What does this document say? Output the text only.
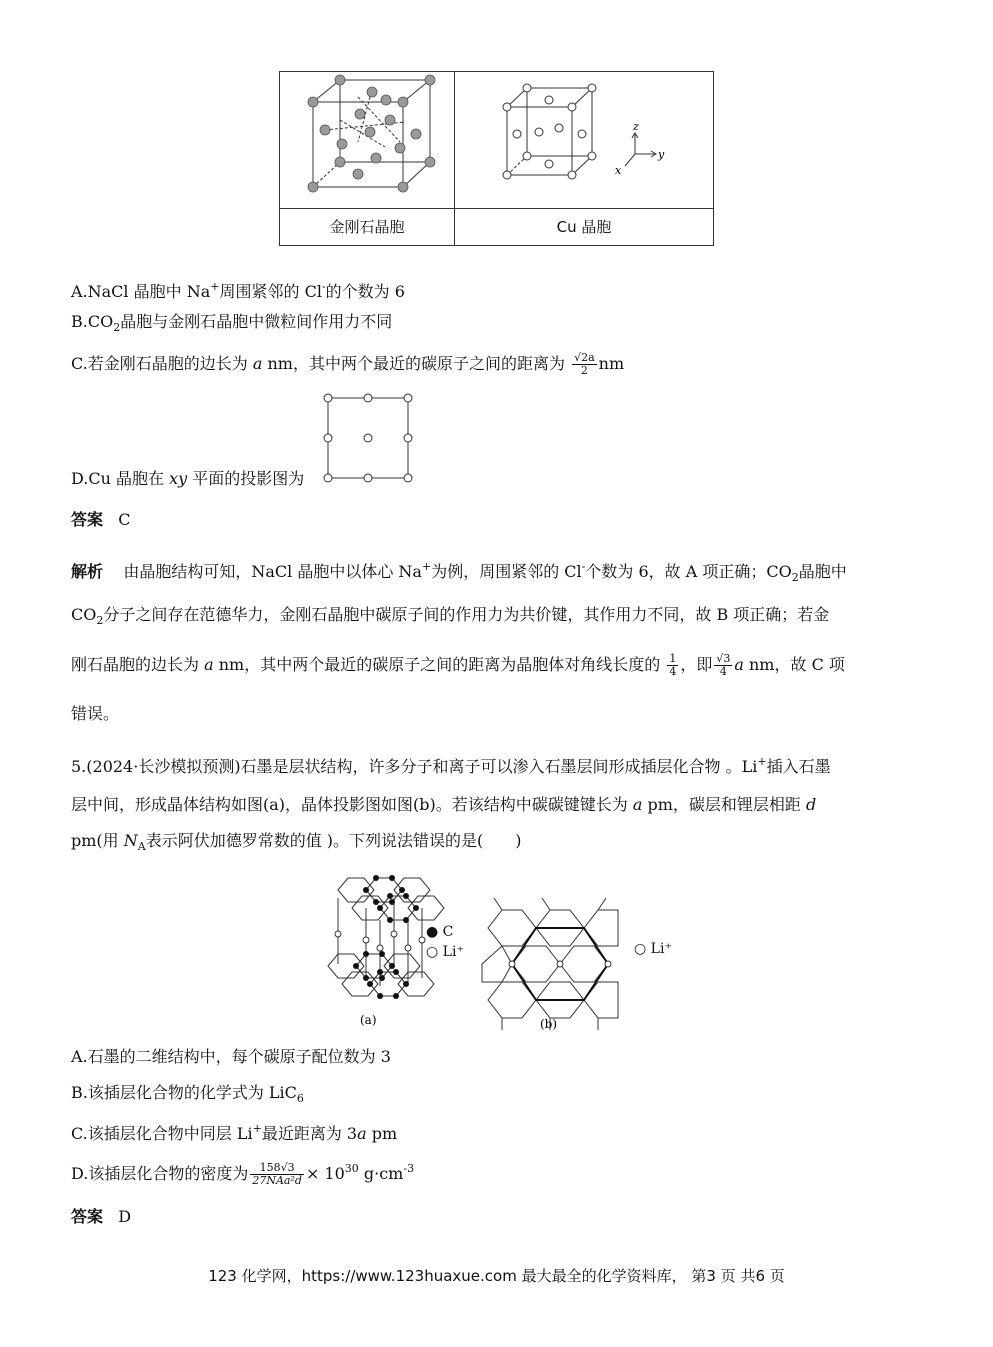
z
y
x

金刚石晶胞	Cu 晶胞
A.NaCl 晶胞中 Na+周围紧邻的 Cl-的个数为 6
$B.CO_2$晶胞与金刚石晶胞中微粒间作用力不同
C.若金刚石晶胞的边长为 a nm，其中两个最近的碳原子之间的距离为 $\frac{√2a}{2}$ nm
D.Cu 晶胞在 xy 平面的投影图为
答案 C
解析 由晶胞结构可知，NaCl 晶胞中以体心 Na+为例，周围紧邻的 Cl-个数为 6，故 A 项正确；$CO_2$晶胞中
$CO_2$分子之间存在范德华力，金刚石晶胞中碳原子间的作用力为共价键，其作用力不同，故 B 项正确；若金
刚石晶胞的边长为 a nm，其中两个最近的碳原子之间的距离为晶胞体对角线长度的 $\frac{1}{4}$ ，即 $\frac{√3}{4}$ a nm，故 C 项
错误。
5.(2024·长沙模拟预测)石墨是层状结构，许多分子和离子可以渗入石墨层间形成插层化合物 。Li+插入石墨
层中间，形成晶体结构如图(a)，晶体投影图如图(b)。若该结构中碳碳键键长为 a pm，碳层和锂层相距 d
pm(用 $N_A$表示阿伏加德罗常数的值 )。下列说法错误的是(　　)
(a)
● C
○ Li⁺
(b)
○ Li⁺
A.石墨的二维结构中，每个碳原子配位数为 3
B.该插层化合物的化学式为 LiC$_6$
C.该插层化合物中同层 Li+最近距离为 3a pm
D.该插层化合物的密度为 $\frac{158√3}{\text{27NAa²d}} \times 10^{30}$ $g\cdot cm^{-3}$
答案 D
123 化学网，https://www.123huaxue.com 最大最全的化学资料库， 第3 页 共6 页
